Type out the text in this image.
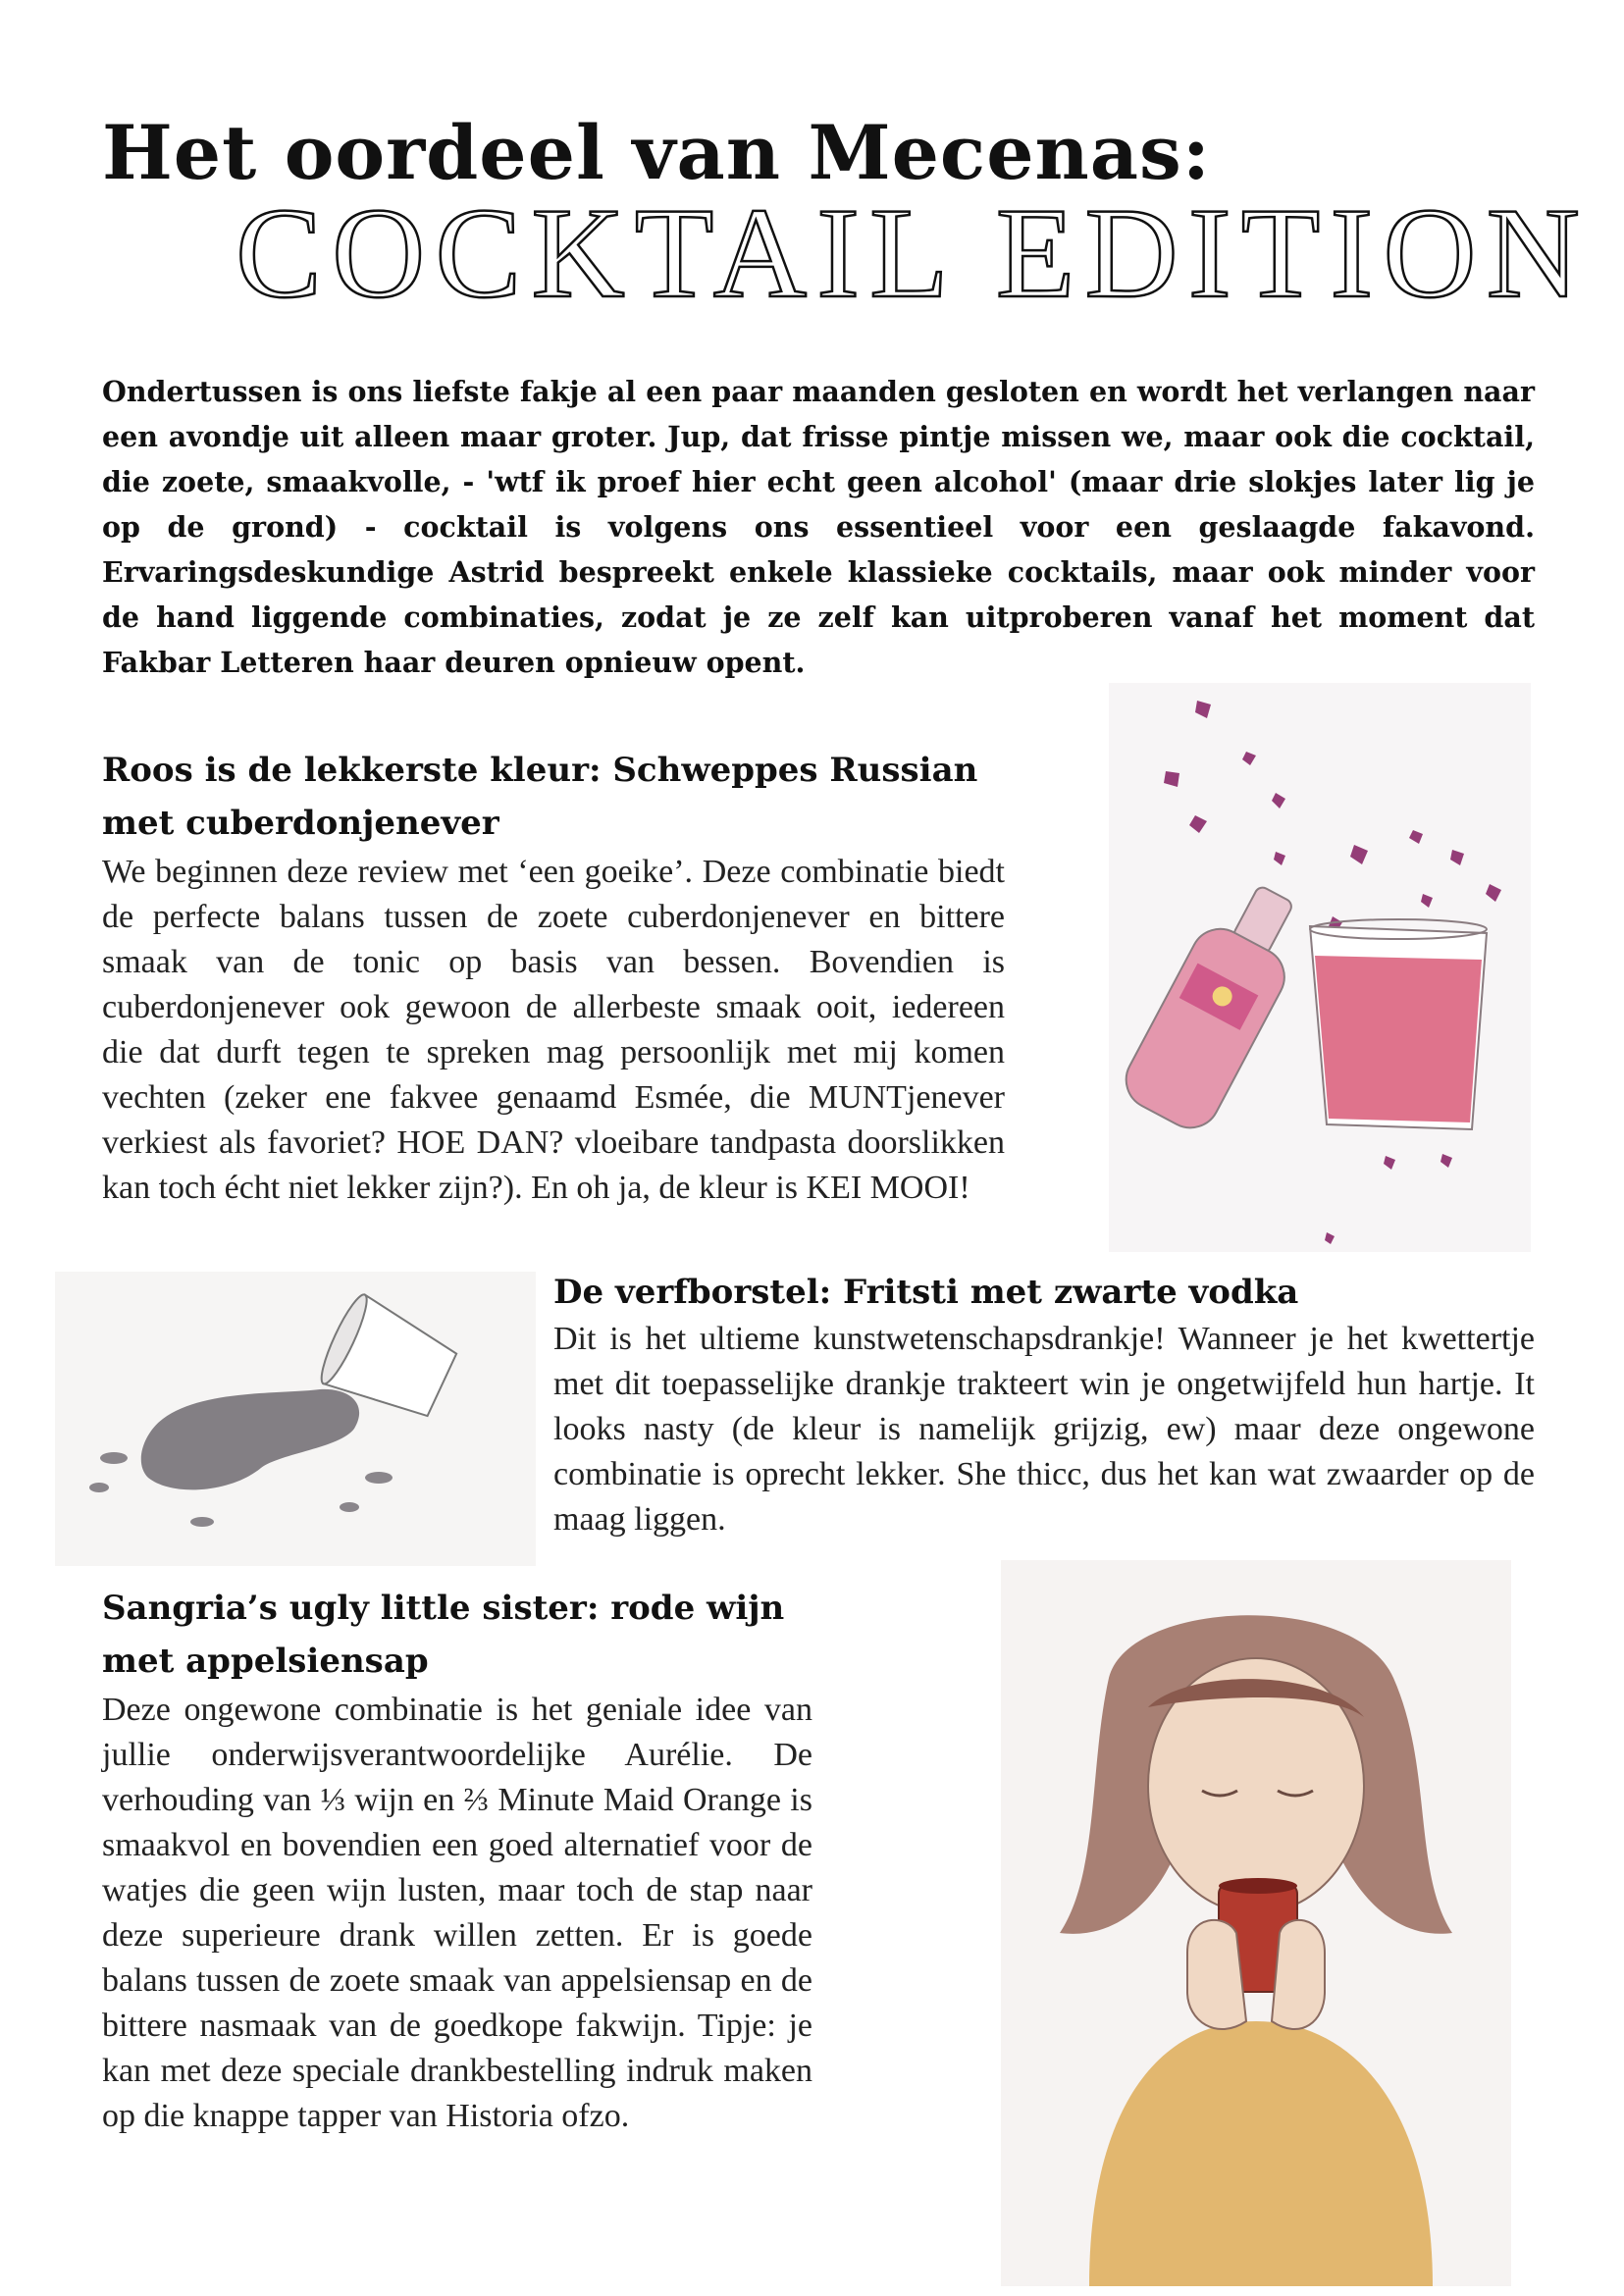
Het oordeel van Mecenas:
COCKTAIL EDITION

Ondertussen is ons liefste fakje al een paar maanden gesloten en wordt het verlangen naar een avondje uit alleen maar groter. Jup, dat frisse pintje missen we, maar ook die cocktail, die zoete, smaakvolle, - 'wtf ik proef hier echt geen alcohol' (maar drie slokjes later lig je op de grond) - cocktail is volgens ons essentieel voor een geslaagde fakavond. Ervaringsdeskundige Astrid bespreekt enkele klassieke cocktails, maar ook minder voor de hand liggende combinaties, zodat je ze zelf kan uitproberen vanaf het moment dat Fakbar Letteren haar deuren opnieuw opent.

Roos is de lekkerste kleur: Schweppes Russian met cuberdonjenever

We beginnen deze review met ‘een goeike’. Deze combinatie biedt de perfecte balans tussen de zoete cuberdonjenever en bittere smaak van de tonic op basis van bessen. Bovendien is cuberdonjenever ook gewoon de allerbeste smaak ooit, iedereen die dat durft tegen te spreken mag persoonlijk met mij komen vechten (zeker ene fakvee genaamd Esmée, die MUNTjenever verkiest als favoriet? HOE DAN? vloeibare tandpasta doorslikken kan toch écht niet lekker zijn?). En oh ja, de kleur is KEI MOOI!

De verfborstel: Fritsti met zwarte vodka

Dit is het ultieme kunstwetenschapsdrankje! Wanneer je het kwettertje met dit toepasselijke drankje trakteert win je ongetwijfeld hun hartje. It looks nasty (de kleur is namelijk grijzig, ew) maar deze ongewone combinatie is oprecht lekker. She thicc, dus het kan wat zwaarder op de maag liggen.

Sangria’s ugly little sister: rode wijn met appelsiensap

Deze ongewone combinatie is het geniale idee van jullie onderwijsverantwoordelijke Aurélie. De verhouding van ⅓ wijn en ⅔ Minute Maid Orange is smaakvol en bovendien een goed alternatief voor de watjes die geen wijn lusten, maar toch de stap naar deze superieure drank willen zetten. Er is goede balans tussen de zoete smaak van appelsiensap en de bittere nasmaak van de goedkope fakwijn. Tipje: je kan met deze speciale drankbestelling indruk maken op die knappe tapper van Historia ofzo.
